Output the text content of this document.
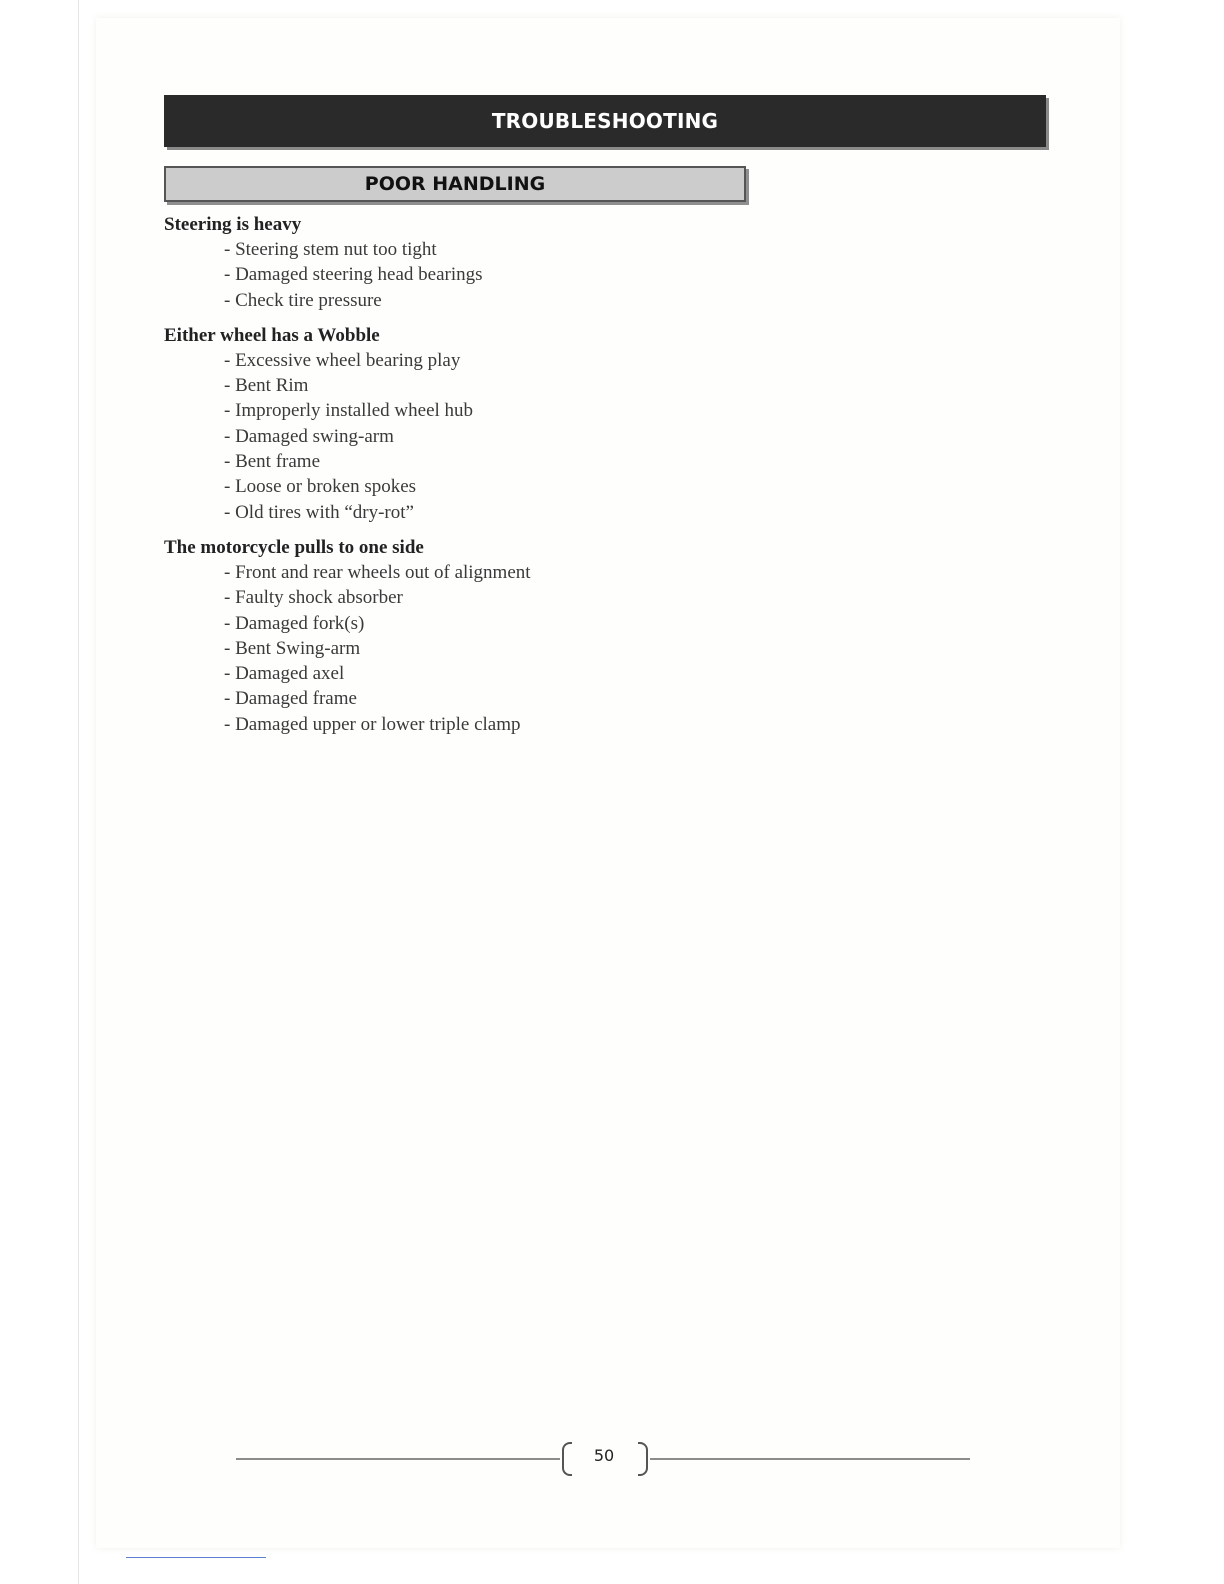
TROUBLESHOOTING
POOR HANDLING

Steering is heavy

- Steering stem nut too tight
- Damaged steering head bearings
- Check tire pressure

Either wheel has a Wobble

- Excessive wheel bearing play
- Bent Rim
- Improperly installed wheel hub
- Damaged swing-arm
- Bent frame
- Loose or broken spokes
- Old tires with “dry-rot”

The motorcycle pulls to one side

- Front and rear wheels out of alignment
- Faulty shock absorber
- Damaged fork(s)
- Bent Swing-arm
- Damaged axel
- Damaged frame
- Damaged upper or lower triple clamp
50
